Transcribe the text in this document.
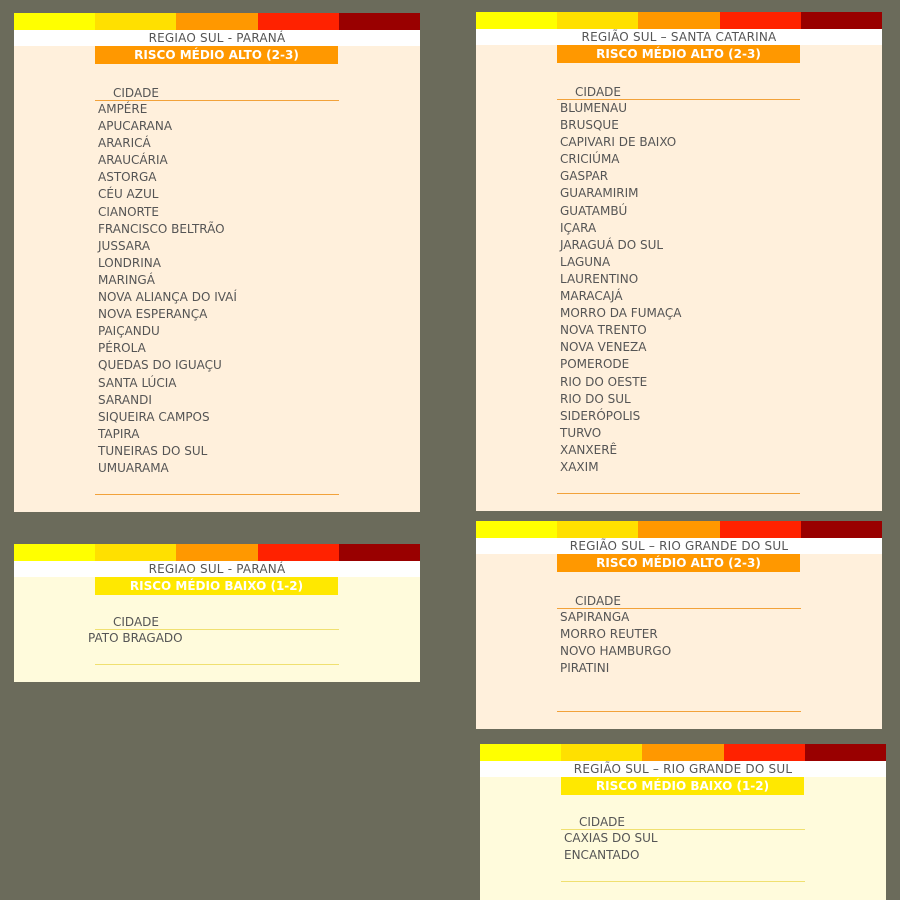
REGIAO SUL - PARANÁ
RISCO MÉDIO ALTO (2-3)
CIDADE
AMPÉRE
APUCARANA
ARARICÁ
ARAUCÁRIA
ASTORGA
CÉU AZUL
CIANORTE
FRANCISCO BELTRÃO
JUSSARA
LONDRINA
MARINGÁ
NOVA ALIANÇA DO IVAÍ
NOVA ESPERANÇA
PAIÇANDU
PÉROLA
QUEDAS DO IGUAÇU
SANTA LÚCIA
SARANDI
SIQUEIRA CAMPOS
TAPIRA
TUNEIRAS DO SUL
UMUARAMA
REGIÃO SUL – SANTA CATARINA
RISCO MÉDIO ALTO (2-3)
CIDADE
BLUMENAU
BRUSQUE
CAPIVARI DE BAIXO
CRICIÚMA
GASPAR
GUARAMIRIM
GUATAMBÚ
IÇARA
JARAGUÁ DO SUL
LAGUNA
LAURENTINO
MARACAJÁ
MORRO DA FUMAÇA
NOVA TRENTO
NOVA VENEZA
POMERODE
RIO DO OESTE
RIO DO SUL
SIDERÓPOLIS
TURVO
XANXERÊ
XAXIM
REGIAO SUL - PARANÁ
RISCO MÉDIO BAIXO (1-2)
CIDADE
PATO BRAGADO
REGIÃO SUL – RIO GRANDE DO SUL
RISCO MÉDIO ALTO (2-3)
CIDADE
SAPIRANGA
MORRO REUTER
NOVO HAMBURGO
PIRATINI
REGIÃO SUL – RIO GRANDE DO SUL
RISCO MÉDIO BAIXO (1-2)
CIDADE
CAXIAS DO SUL
ENCANTADO
